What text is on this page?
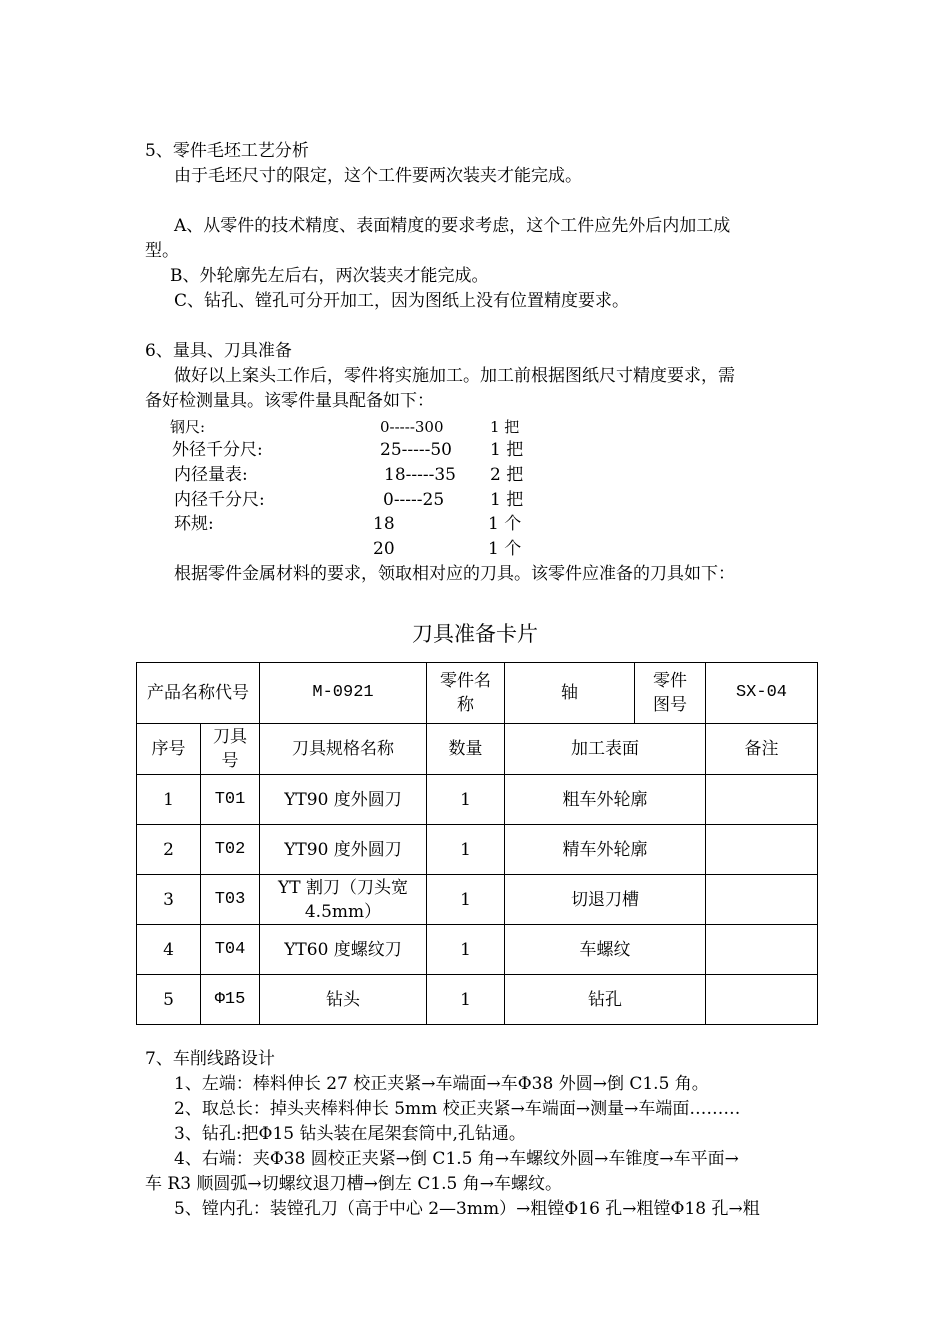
5、零件毛坯工艺分析
由于毛坯尺寸的限定，这个工件要两次装夹才能完成。
A、从零件的技术精度、表面精度的要求考虑，这个工件应先外后内加工成
型。
B、外轮廓先左后右，两次装夹才能完成。
C、钻孔、镗孔可分开加工，因为图纸上没有位置精度要求。
6、量具、刀具准备
做好以上案头工作后，零件将实施加工。加工前根据图纸尺寸精度要求，需
备好检测量具。该零件量具配备如下：
钢尺:	0-----300	1 把
外径千分尺:	25-----50 1 把
内径量表:	18-----35 2 把
内径千分尺:	0-----25	1 把
环规:	18	1 个
20	1 个
根据零件金属材料的要求，领取相对应的刀具。该零件应准备的刀具如下：
刀具准备卡片
产品名称代号		M-0921	零件名称	轴	零件图号	SX-04
序号	刀具号	刀具规格名称	数量	加工表面		备注
1	T01	YT90 度外圆刀	1	粗车外轮廓		
2	T02	YT90 度外圆刀	1	精车外轮廓		
3	T03	YT 割刀（刀头宽4.5mm）	1	切退刀槽		
4	T04	YT60 度螺纹刀	1	车螺纹		
5	Φ15	钻头	1	钻孔		
7、车削线路设计
1、左端：棒料伸长 27 校正夹紧→车端面→车Φ38 外圆→倒 C1.5 角。
2、取总长：掉头夹棒料伸长 5mm 校正夹紧→车端面→测量→车端面………
3、钻孔:把Φ15 钻头装在尾架套筒中,孔钻通。
4、右端：夹Φ38 圆校正夹紧→倒 C1.5 角→车螺纹外圆→车锥度→车平面→
车 R3 顺圆弧→切螺纹退刀槽→倒左 C1.5 角→车螺纹。
5、镗内孔：装镗孔刀（高于中心 2—3mm）→粗镗Φ16 孔→粗镗Φ18 孔→粗
